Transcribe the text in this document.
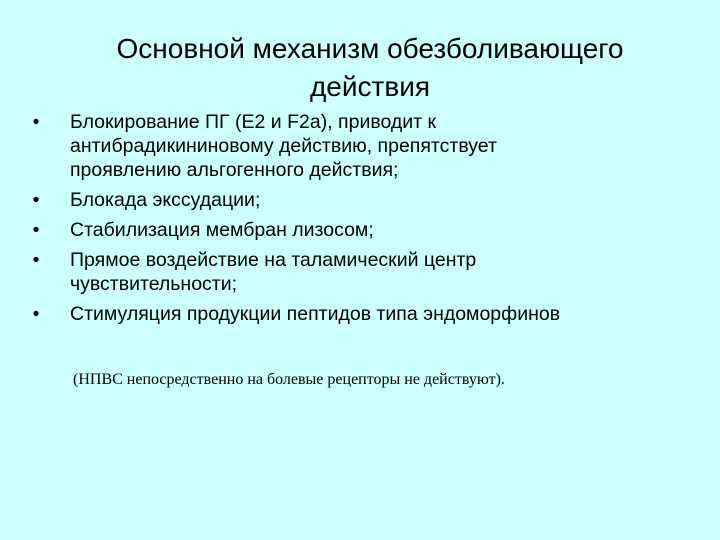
Основной механизм обезболивающего
действия
•	Блокирование ПГ (Е2 и F2а), приводит к
антибрадикининовому действию, препятствует
проявлению альгогенного действия;
•	Блокада экссудации;
•	Стабилизация мембран лизосом;
•	Прямое воздействие на таламический центр
чувствительности;
•	Стимуляция продукции пептидов типа эндоморфинов
(НПВС непосредственно на болевые рецепторы не действуют).
